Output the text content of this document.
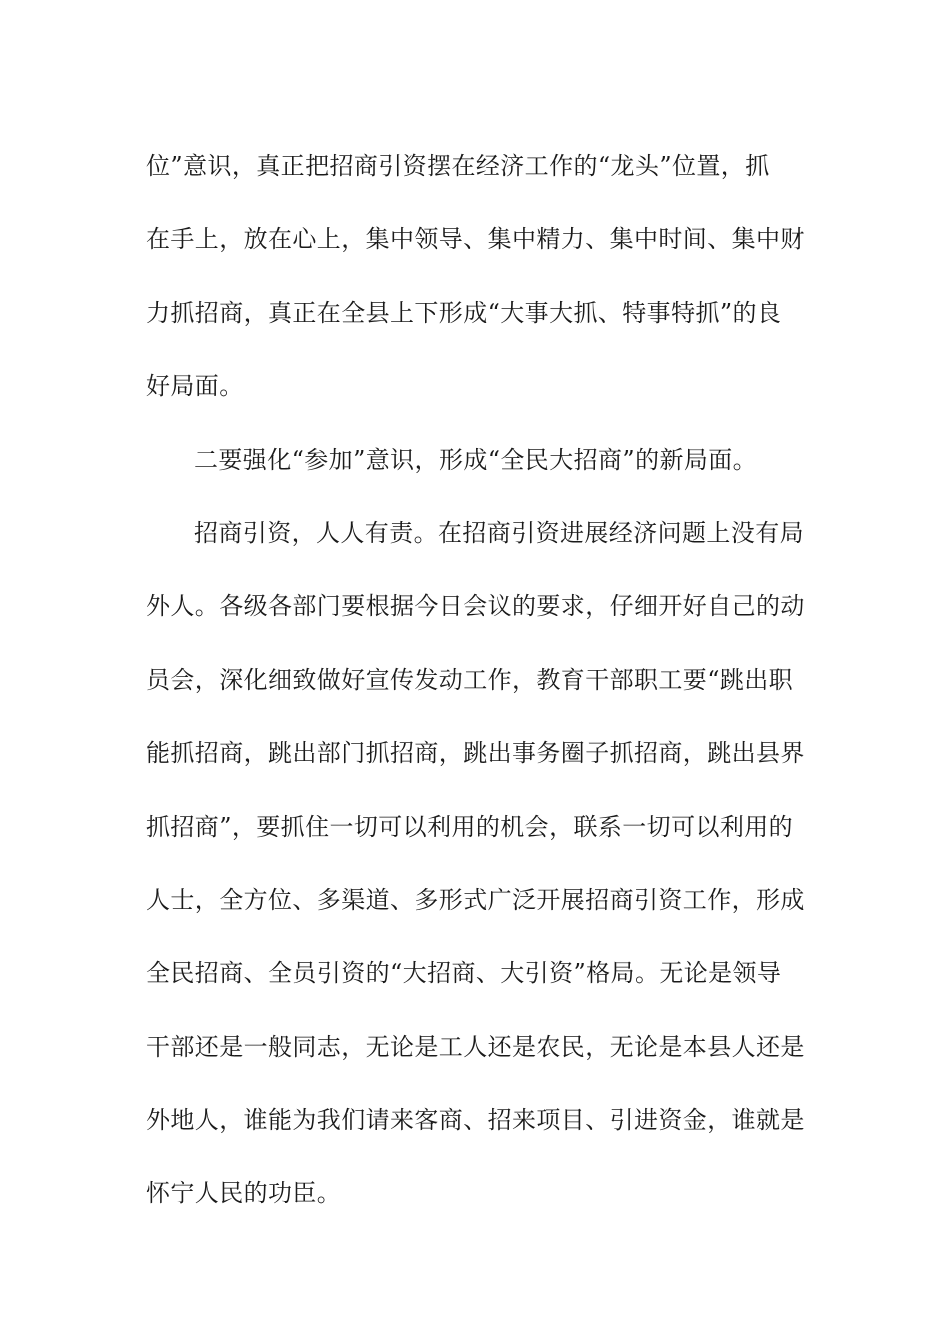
位”意识，真正把招商引资摆在经济工作的“龙头”位置，抓
在手上，放在心上，集中领导、集中精力、集中时间、集中财
力抓招商，真正在全县上下形成“大事大抓、特事特抓”的良
好局面。
二要强化“参加”意识，形成“全民大招商”的新局面。
招商引资，人人有责。在招商引资进展经济问题上没有局
外人。各级各部门要根据今日会议的要求，仔细开好自己的动
员会，深化细致做好宣传发动工作，教育干部职工要“跳出职
能抓招商，跳出部门抓招商，跳出事务圈子抓招商，跳出县界
抓招商”，要抓住一切可以利用的机会，联系一切可以利用的
人士，全方位、多渠道、多形式广泛开展招商引资工作，形成
全民招商、全员引资的“大招商、大引资”格局。无论是领导
干部还是一般同志，无论是工人还是农民，无论是本县人还是
外地人，谁能为我们请来客商、招来项目、引进资金，谁就是
怀宁人民的功臣。
